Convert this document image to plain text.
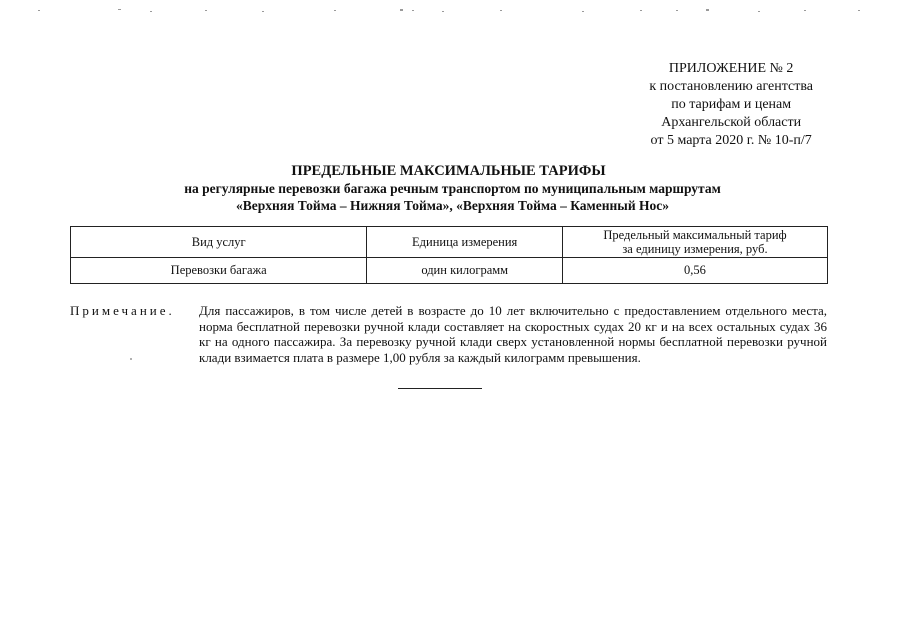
ПРИЛОЖЕНИЕ № 2
к постановлению агентства
по тарифам и ценам
Архангельской области
от 5 марта 2020 г. № 10-п/7
ПРЕДЕЛЬНЫЕ МАКСИМАЛЬНЫЕ ТАРИФЫ
на регулярные перевозки багажа речным транспортом по муниципальным маршрутам
«Верхняя Тойма – Нижняя Тойма», «Верхняя Тойма – Каменный Нос»
Вид услуг	Единица измерения	Предельный максимальный тариф
за единицу измерения, руб.

Перевозки багажа	один килограмм	0,56
Примечание. Для пассажиров, в том числе детей в возрасте до 10 лет включительно с предоставлением отдельного места, норма бесплатной перевозки ручной клади составляет на скоростных судах 20 кг и на всех остальных судах 36 кг на одного пассажира. За перевозку ручной клади сверх установленной нормы бесплатной перевозки ручной клади взимается плата в размере 1,00 рубля за каждый килограмм превышения.
